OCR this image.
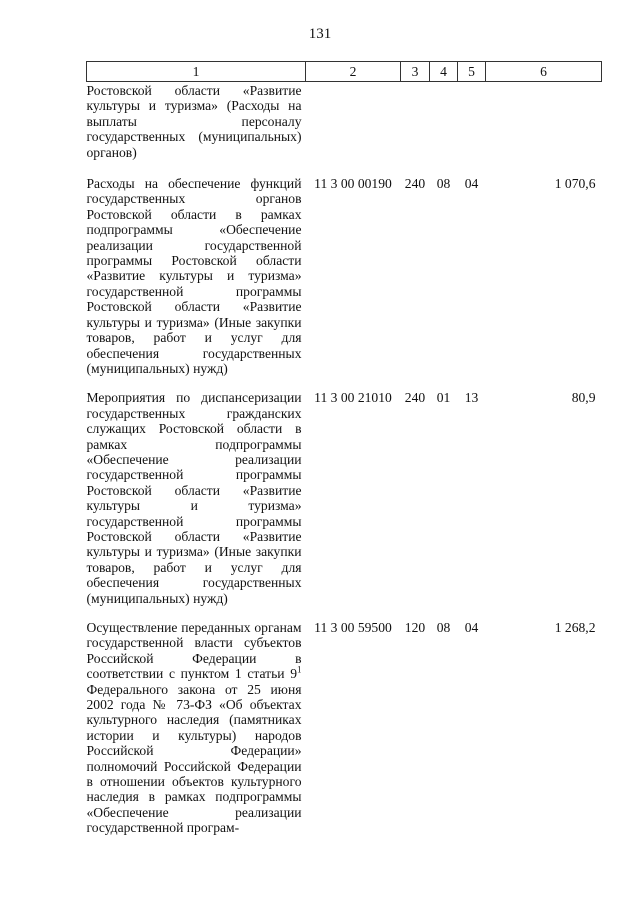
131
1	2	3	4	5	6
Ростовской области «Развитие культуры и туризма» (Расходы на выплаты персоналу государственных (муниципальных) органов)					
Расходы на обеспечение функций государственных органов Ростовской области в рамках подпрограммы «Обеспечение реализации государственной программы Ростовской области «Развитие культуры и туризма» государственной программы Ростовской области «Развитие культуры и туризма» (Иные закупки товаров, работ и услуг для обеспечения государственных (муниципальных) нужд)	11 3 00 00190	240	08	04	1 070,6
Мероприятия по диспансеризации государственных гражданских служащих Ростовской области в рамках подпрограммы «Обеспечение реализации государственной программы Ростовской области «Развитие культуры и туризма» государственной программы Ростовской области «Развитие культуры и туризма» (Иные закупки товаров, работ и услуг для обеспечения государственных (муниципальных) нужд)	11 3 00 21010	240	01	13	80,9
Осуществление переданных органам государственной власти субъектов Российской Федерации в соответствии с пунктом 1 статьи $9^1$ Федерального закона от 25 июня 2002 года № 73-ФЗ «Об объектах культурного наследия (памятниках истории и культуры) народов Российской Федерации» полномочий Российской Федерации в отношении объектов культурного наследия в рамках подпрограммы «Обеспечение реализации государственной програм-	11 3 00 59500	120	08	04	1 268,2
